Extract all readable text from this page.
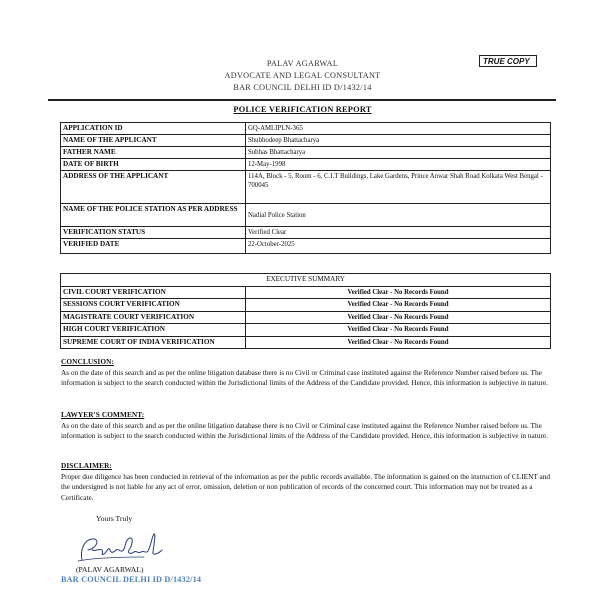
PALAV AGARWAL
ADVOCATE AND LEGAL CONSULTANT
BAR COUNCIL DELHI ID D/1432/14
TRUE COPY
POLICE VERIFICATION REPORT
APPLICATION ID	GQ-AMLIPLN-365
NAME OF THE APPLICANT	Shubhodeep Bhattacharya
FATHER NAME	Subhas Bhattacharya
DATE OF BIRTH	12-May-1998
ADDRESS OF THE APPLICANT	114A, Block - 5, Room - 6, C.I.T Buildings, Lake Gardens, Prince Anwar Shah Road Kolkata West Bengal - 700045
NAME OF THE POLICE STATION AS PER ADDRESS	Nadial Police Station
VERIFICATION STATUS	Verified Clear
VERIFIED DATE	22-October-2025
EXECUTIVE SUMMARY	
CIVIL COURT VERIFICATION	Verified Clear - No Records Found
SESSIONS COURT VERIFICATION	Verified Clear - No Records Found
MAGISTRATE COURT VERIFICATION	Verified Clear - No Records Found
HIGH COURT VERIFICATION	Verified Clear - No Records Found
SUPREME COURT OF INDIA VERIFICATION	Verified Clear - No Records Found
CONCLUSION:
As on the date of this search and as per the online litigation database there is no Civil or Criminal case instituted against the Reference Number raised before us. The information is subject to the search conducted within the Jurisdictional limits of the Address of the Candidate provided. Hence, this information is subjective in nature.
LAWYER'S COMMENT:
As on the date of this search and as per the online litigation database there is no Civil or Criminal case instituted against the Reference Number raised before us. The information is subject to the search conducted within the Jurisdictional limits of the Address of the Candidate provided. Hence, this information is subjective in nature.
DISCLAIMER:
Proper due diligence has been conducted in retrieval of the information as per the public records available. The information is gained on the instruction of CLIENT and the undersigned is not liable for any act of error, omission, deletion or non publication of records of the concerned court. This information may not be treated as a Certificate.
Yours Truly
(PALAV AGARWAL)
BAR COUNCIL DELHI ID D/1432/14
